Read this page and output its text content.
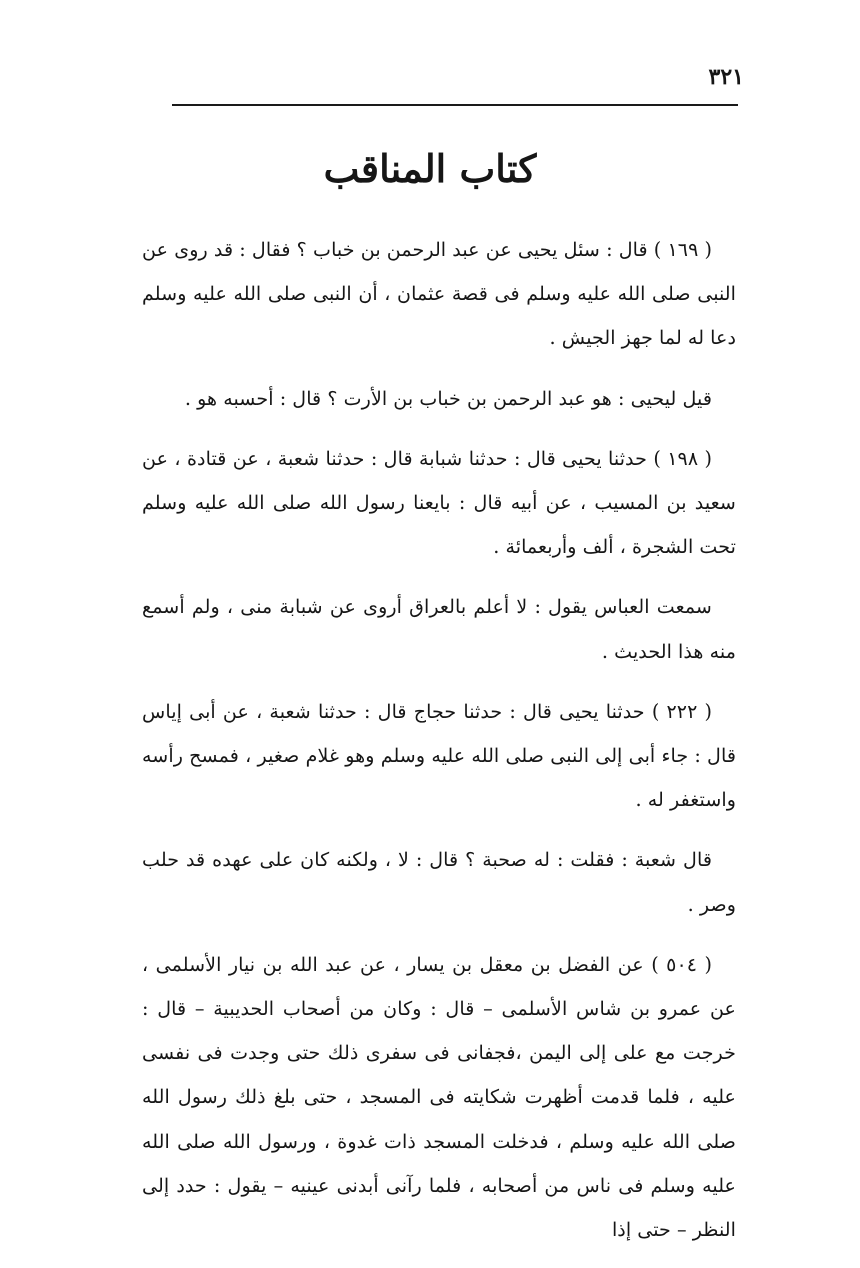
٣٢١
كتاب المناقب

( ١٦٩ ) قال : سئل يحيى عن عبد الرحمن بن خباب ؟ فقال : قد روى عن النبى صلى الله عليه وسلم فى قصة عثمان ، أن النبى صلى الله عليه وسلم دعا له لما جهز الجيش .

قيل ليحيى : هو عبد الرحمن بن خباب بن الأرت ؟ قال : أحسبه هو .

( ١٩٨ ) حدثنا يحيى قال : حدثنا شبابة قال : حدثنا شعبة ، عن قتادة ، عن سعيد بن المسيب ، عن أبيه قال : بايعنا رسول الله صلى الله عليه وسلم تحت الشجرة ، ألف وأربعمائة .

سمعت العباس يقول : لا أعلم بالعراق أروى عن شبابة منى ، ولم أسمع منه هذا الحديث .

( ٢٢٢ ) حدثنا يحيى قال : حدثنا حجاج قال : حدثنا شعبة ، عن أبى إياس قال : جاء أبى إلى النبى صلى الله عليه وسلم وهو غلام صغير ، فمسح رأسه واستغفر له .

قال شعبة : فقلت : له صحبة ؟ قال : لا ، ولكنه كان على عهده قد حلب وصر .

( ٥٠٤ ) عن الفضل بن معقل بن يسار ، عن عبد الله بن نيار الأسلمى ، عن عمرو بن شاس الأسلمى – قال : وكان من أصحاب الحديبية – قال : خرجت مع على إلى اليمن ،فجفانى فى سفرى ذلك حتى وجدت فى نفسى عليه ، فلما قدمت أظهرت شكايته فى المسجد ، حتى بلغ ذلك رسول الله صلى الله عليه وسلم ، فدخلت المسجد ذات غدوة ، ورسول الله صلى الله عليه وسلم فى ناس من أصحابه ، فلما رآنى أبدنى عينيه – يقول : حدد إلى النظر – حتى إذا
